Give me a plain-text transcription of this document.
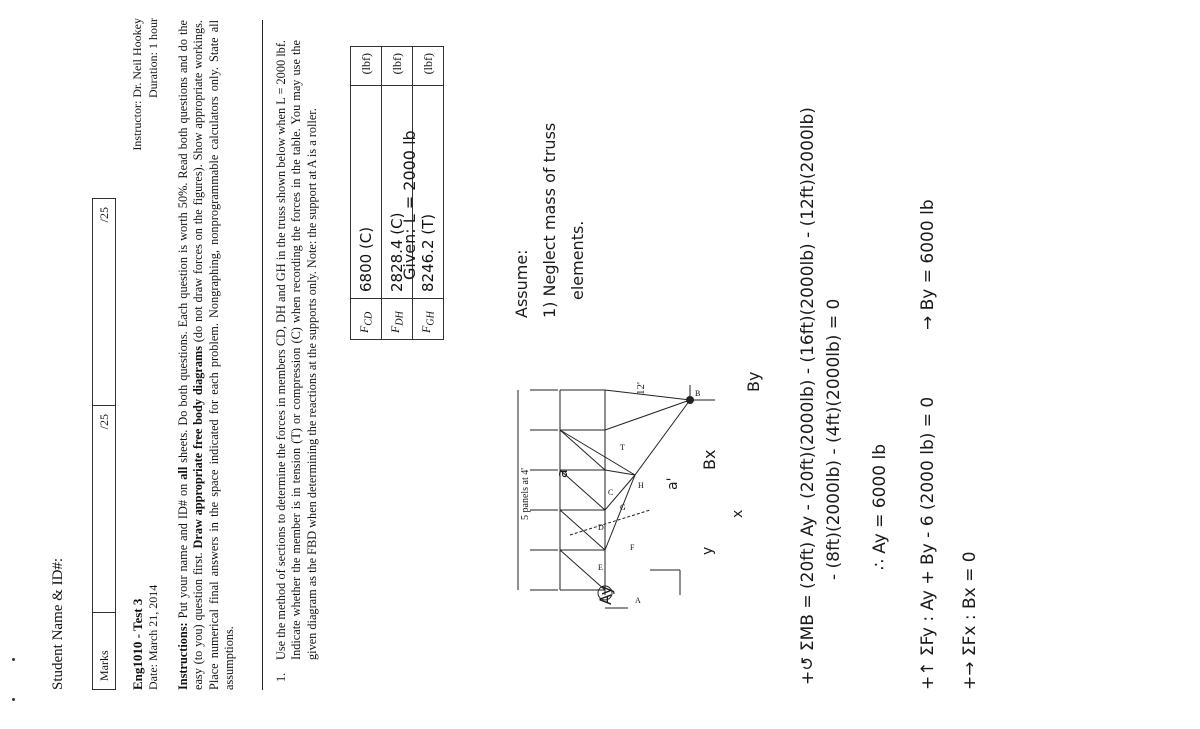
Student Name & ID#:	Marks	/25	/25
Eng1010 - Test 3 Date: March 21, 2014
Instructor: Dr. Neil Hookey Duration: 1 hour
Instructions: Put your name and ID# on all sheets. Do both questions. Each question is worth 50%. Read both questions and do the easy (to you) question first. Draw appropriate free body diagrams (do not draw forces on the figures). Show appropriate workings. Place numerical final answers in the space indicated for each problem. Nongraphing, nonprogrammable calculators only. State all assumptions.	1.
Use the method of sections to determine the forces in members CD, DH and GH in the truss shown below when L = 2000 lbf. Indicate whether the member is in tension (T) or compression (C) when recording the forces in the table. You may use the given diagram as the FBD when determining the reactions at the supports only. Note: the support at A is a roller.	$F_{CD}$	6800 (C)	(lbf)
$F_{DH}$	2828.4 (C)	(lbf)
$F_{GH}$	8246.2 (T)	(lbf)
A
B
C
D
E
F
G
H
T
5 panels at 4'
12'
Ay
Bx
By
a
a'
y
x
Given: L = 2000 lb
Assume: 1) Neglect mass of truss elements.	+↺ ΣMB = (20ft) Ay - (20ft)(2000lb) - (16ft)(2000lb) - (12ft)(2000lb) - (8ft)(2000lb) - (4ft)(2000lb) = 0 ∴ Ay = 6000 lb +↑ ΣFy : Ay + By - 6 (2000 lb) = 0
→ By = 6000 lb
+→ ΣFx : Bx = 0
